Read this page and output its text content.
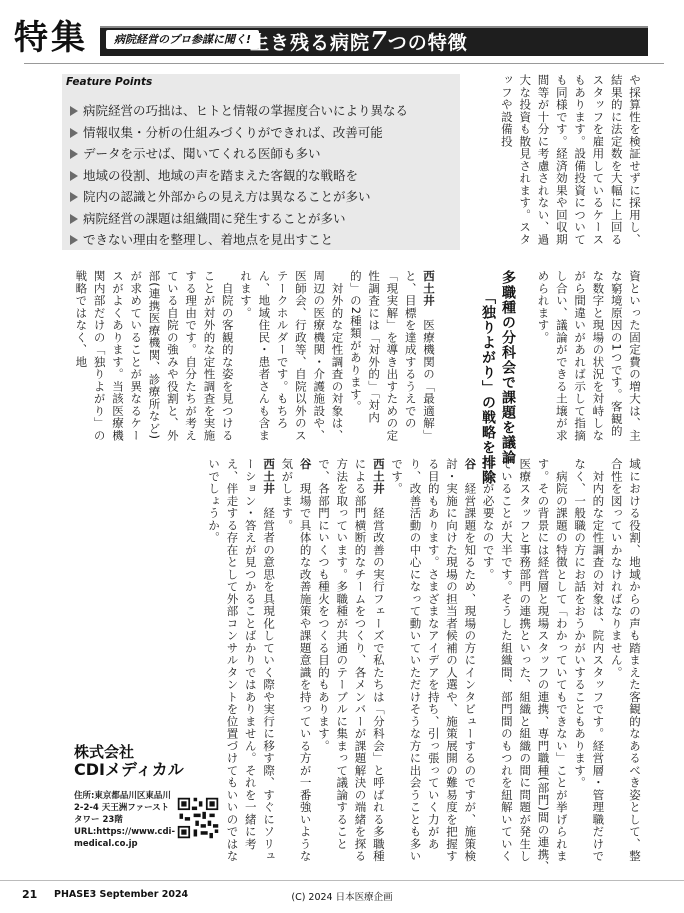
特集	病院経営のプロ参謀に聞く!
生き残る病院7つの特徴
Feature Points
病院経営の巧拙は、ヒトと情報の掌握度合いにより異なる
情報収集・分析の仕組みづくりができれば、改善可能
データを示せば、聞いてくれる医師も多い
地域の役割、地域の声を踏まえた客観的な戦略を
院内の認識と外部からの見え方は異なることが多い
病院経営の課題は組織間に発生することが多い
できない理由を整理し、着地点を見出すこと	や採算性を検証せずに採用し、結果的に法定数を大幅に上回るスタッフを雇用しているケースもあります。設備投資についても同様です。経済効果や回収期間等が十分に考慮されない、過大な投資も散見されます。スタッフや設備投

資といった固定費の増大は、主な窮境原因の1つです。客観的な数字と現場の状況を対峙しながら間違いがあれば示して指摘し合い、議論ができる土壌が求められます。

「独りよがり」の戦略を排除 多職種の分科会で課題を議論

西土井　医療機関の「最適解」と、目標を達成するうえでの「現実解」を導き出すための定性調査には「対外的」「対内的」の2種類があります。

　対外的な定性調査の対象は、周辺の医療機関・介護施設や、医師会、行政等、自院以外のステークホルダーです。もちろん、地域住民・患者さんも含まれます。

　自院の客観的な姿を見つけることが対外的な定性調査を実施する理由です。自分たちが考えている自院の強みや役割と、外部(連携医療機関、診療所など)が求めていることが異なるケースがよくあります。当該医療機関内部だけの「独りよがり」の戦略ではなく、地

域における役割、地域からの声も踏まえた客観的なあるべき姿として、整合性を図っていかなければなりません。

　対内的な定性調査の対象は、院内スタッフです。経営層・管理職だけでなく、一般職の方にお話をおうかがいすることもあります。

　病院の課題の特徴として「わかっていてもできない」ことが挙げられます。その背景には経営層と現場スタッフの連携、専門職種(部門)間の連携、医療スタッフと事務部門の連携といった、組織と組織の間に問題が発生していることが大半です。そうした組織間、部門間のもつれを紐解いていく作業が必要なのです。

谷　経営課題を知るため、現場の方にインタビューするのですが、施策検討・実施に向けた現場の担当者候補の人選や、施策展開の難易度を把握する目的もあります。さまざまなアイデアを持ち、引っ張っていく力があり、改善活動の中心になって動いていただけそうな方に出会うことも多いです。

西土井　経営改善の実行フェーズで私たちは「分科会」と呼ばれる多職種による部門横断的なチームをつくり、各メンバーが課題解決の端緒を探る方法を取っています。多職種が共通のテーブルに集まって議論することで、各部門にいくつも種火をつくる目的もあります。

谷　現場で具体的な改善施策や課題意識を持っている方が一番強いような気がします。

西土井　経営者の意思を具現化していく際や実行に移す際、すぐにソリューション・答えが見つかることばかりではありません。それを一緒に考え、伴走する存在として外部コンサルタントを位置づけてもいいのではないでしょうか。

株式会社
CDIメディカル
住所:東京都品川区東品川
2-2-4 天王洲ファースト
タワー 23階
URL:https://www.cdi-
medical.co.jp
21 PHASE3 September 2024	(C) 2024 日本医療企画
